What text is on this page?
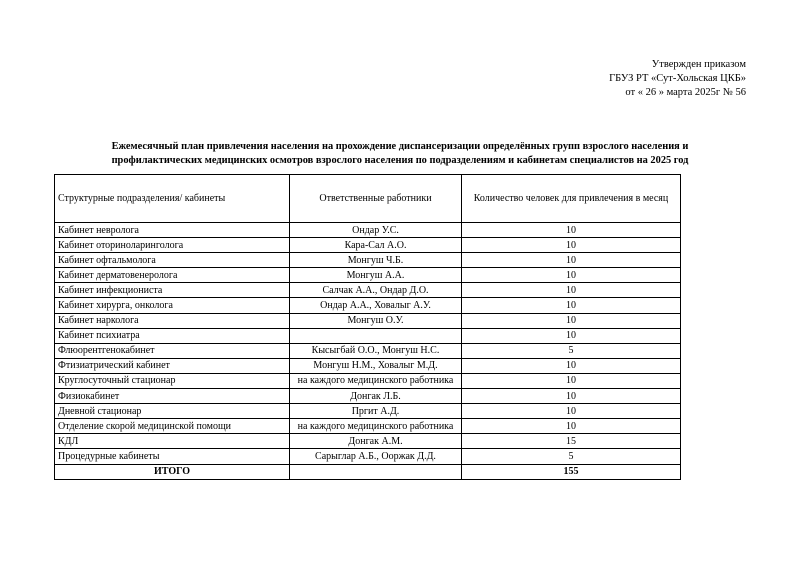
Утвержден приказом
ГБУЗ РТ «Сут-Хольская ЦКБ»
от « 26 » марта 2025г № 56
Ежемесячный план привлечения населения на прохождение диспансеризации определённых групп взрослого населения и
профилактических медицинских осмотров взрослого населения по подразделениям и кабинетам специалистов на 2025 год
Структурные подразделения/ кабинеты	Ответственные работники	Количество человек для привлечения в месяц
Кабинет невролога	Ондар У.С.	10
Кабинет оториноларинголога	Кара-Сал А.О.	10
Кабинет офтальмолога	Монгуш Ч.Б.	10
Кабинет дерматовенеролога	Монгуш А.А.	10
Кабинет инфекциониста	Салчак А.А., Ондар Д.О.	10
Кабинет хирурга, онколога	Ондар А.А., Ховалыг А.У.	10
Кабинет нарколога	Монгуш О.У.	10
Кабинет психиатра		10
Флюорентгенокабинет	Кысыгбай О.О., Монгуш Н.С.	5
Фтизиатрический кабинет	Монгуш Н.М., Ховалыг М.Д.	10
Круглосуточный стационар	на каждого медицинского работника	10
Физиокабинет	Донгак Л.Б.	10
Дневной стационар	Пргит А.Д.	10
Отделение скорой медицинской помощи	на каждого медицинского работника	10
КДЛ	Донгак А.М.	15
Процедурные кабинеты	Сарыглар А.Б., Ооржак Д.Д.	5
ИТОГО		155
